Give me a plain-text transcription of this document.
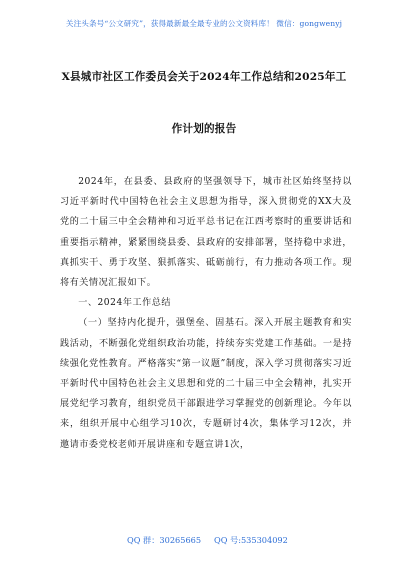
关注头条号“公文研究”，获得最新最全最专业的公文资料库！ 微信：gongwenyj
X县城市社区工作委员会关于2024年工作总结和2025年工
作计划的报告

2024年，在县委、县政府的坚强领导下，城市社区始终坚持以习近平新时代中国特色社会主义思想为指导，深入贯彻党的XX大及党的二十届三中全会精神和习近平总书记在江西考察时的重要讲话和重要指示精神，紧紧围绕县委、县政府的安排部署，坚持稳中求进，真抓实干、勇于攻坚、狠抓落实、砥砺前行，有力推动各项工作。现将有关情况汇报如下。

一、2024年工作总结

（一）坚持内化提升，强堡垒、固基石。深入开展主题教育和实践活动，不断强化党组织政治功能，持续夯实党建工作基础。一是持续强化党性教育。严格落实“第一议题”制度，深入学习贯彻落实习近平新时代中国特色社会主义思想和党的二十届三中全会精神，扎实开展党纪学习教育，组织党员干部跟进学习掌握党的创新理论。今年以来，组织开展中心组学习10次，专题研讨4次，集体学习12次，并邀请市委党校老师开展讲座和专题宣讲1次，

QQ 群：30265665 QQ 号:535304092
